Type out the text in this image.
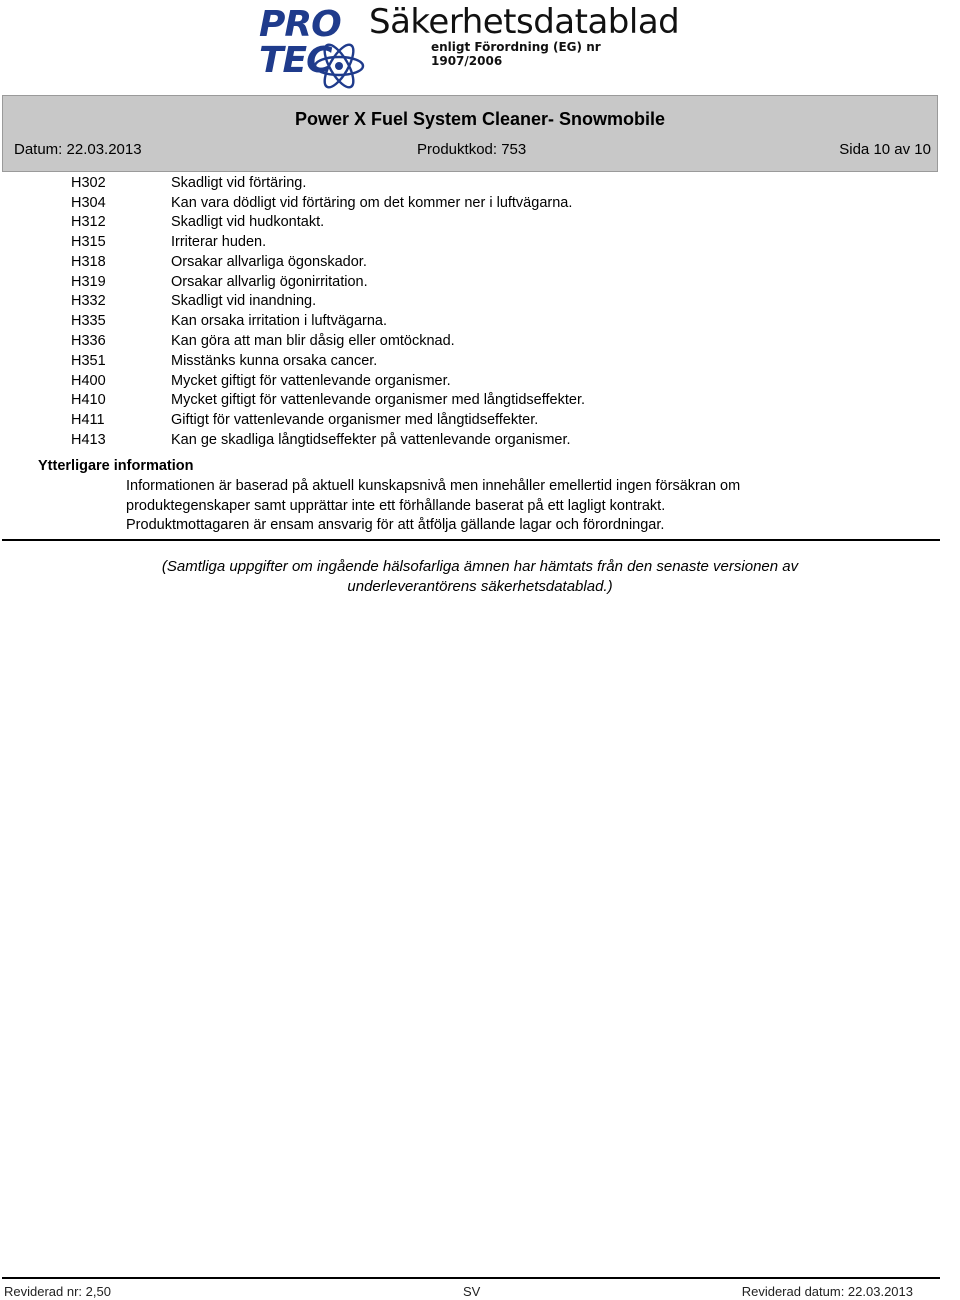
PRO
TEC
Säkerhetsdatablad
enligt Förordning (EG) nr 1907/2006
Power X Fuel System Cleaner- Snowmobile
Datum: 22.03.2013	Produktkod: 753	Sida 10 av 10
H302	Skadligt vid förtäring.
H304	Kan vara dödligt vid förtäring om det kommer ner i luftvägarna.
H312	Skadligt vid hudkontakt.
H315	Irriterar huden.
H318	Orsakar allvarliga ögonskador.
H319	Orsakar allvarlig ögonirritation.
H332	Skadligt vid inandning.
H335	Kan orsaka irritation i luftvägarna.
H336	Kan göra att man blir dåsig eller omtöcknad.
H351	Misstänks kunna orsaka cancer.
H400	Mycket giftigt för vattenlevande organismer.
H410	Mycket giftigt för vattenlevande organismer med långtidseffekter.
H411	Giftigt för vattenlevande organismer med långtidseffekter.
H413	Kan ge skadliga långtidseffekter på vattenlevande organismer.
Ytterligare information
Informationen är baserad på aktuell kunskapsnivå men innehåller emellertid ingen försäkran om
produktegenskaper samt upprättar inte ett förhållande baserat på ett lagligt kontrakt.
Produktmottagaren är ensam ansvarig för att åtfölja gällande lagar och förordningar.
(Samtliga uppgifter om ingående hälsofarliga ämnen har hämtats från den senaste versionen av
underleverantörens säkerhetsdatablad.)
Reviderad nr: 2,50	SV	Reviderad datum: 22.03.2013
